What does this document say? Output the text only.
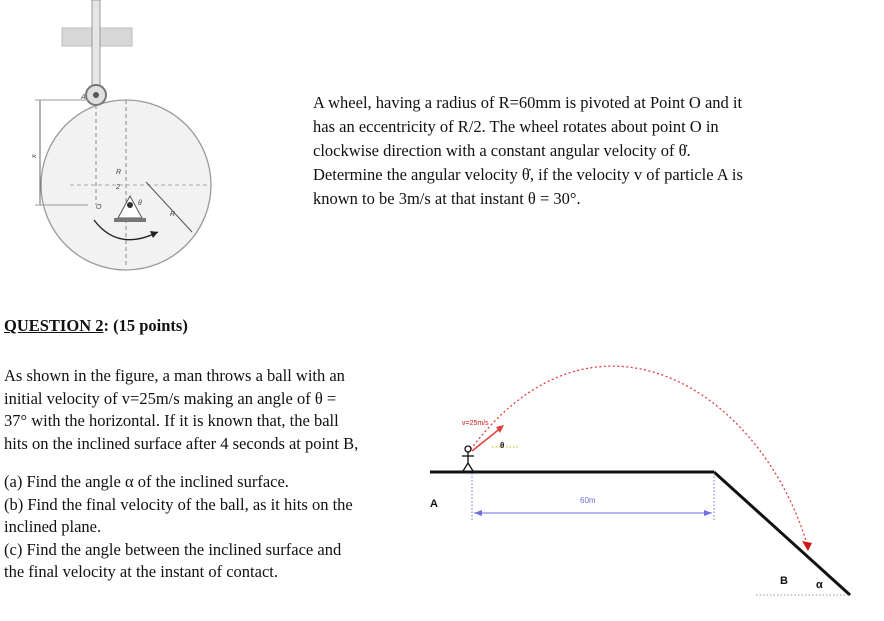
x
A
R
2
R
θ
O
A wheel, having a radius of R=60mm is pivoted at Point O and it
has an eccentricity of R/2. The wheel rotates about point O in
clockwise direction with a constant angular velocity of θ̇.
Determine the angular velocity θ̇, if the velocity v of particle A is
known to be 3m/s at that instant θ = 30°.
QUESTION 2: (15 points)
As shown in the figure, a man throws a ball with an
initial velocity of v=25m/s making an angle of θ =
37° with the horizontal. If it is known that, the ball
hits on the inclined surface after 4 seconds at point B,
(a) Find the angle α of the inclined surface.
(b) Find the final velocity of the ball, as it hits on the
inclined plane.
(c) Find the angle between the inclined surface and
the final velocity at the instant of contact.
v=25m/s
θ
60m
A
B	α
